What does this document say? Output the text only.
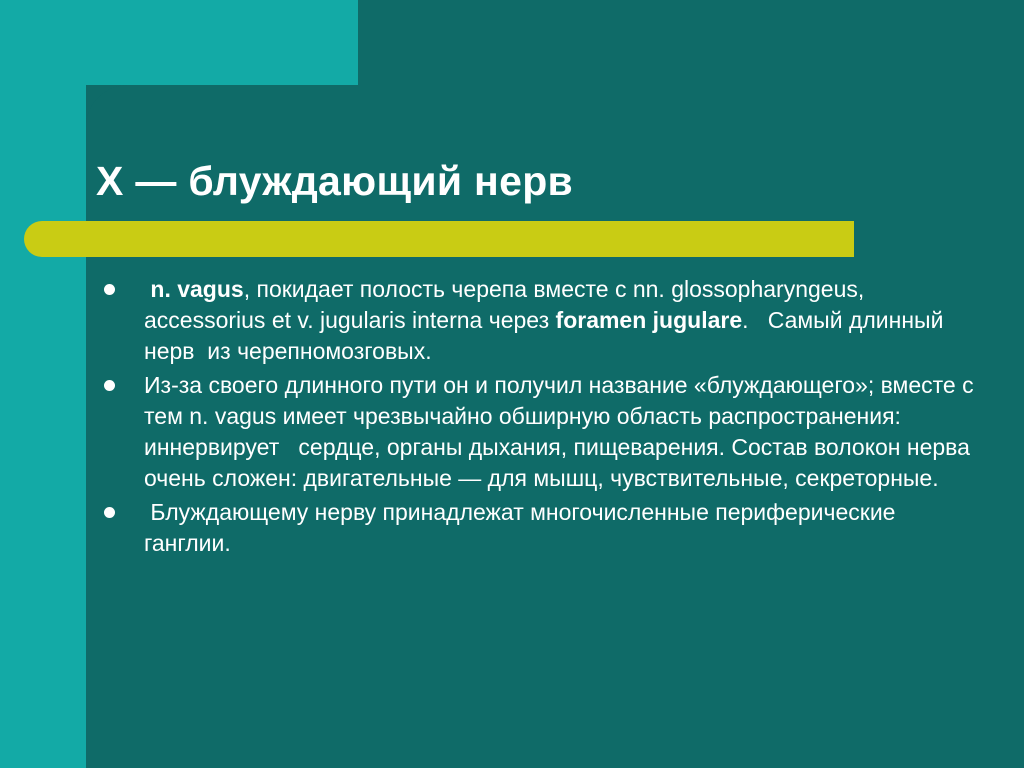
X — блуждающий нерв
n. vagus, покидает полость черепа вместе с nn. glossopharyngeus, accessorius et v. jugularis interna через foramen jugulare.   Самый длинный нерв  из черепномозговых.
Из-за своего длинного пути он и получил название «блуждающего»; вместе с тем n. vagus имеет чрезвычайно обширную область распространения: иннервирует   сердце, органы дыхания, пищеварения. Состав волокон нерва очень сложен: двигательные — для мышц, чувствительные, секреторные.
Блуждающему нерву принадлежат многочисленные периферические ганглии.
